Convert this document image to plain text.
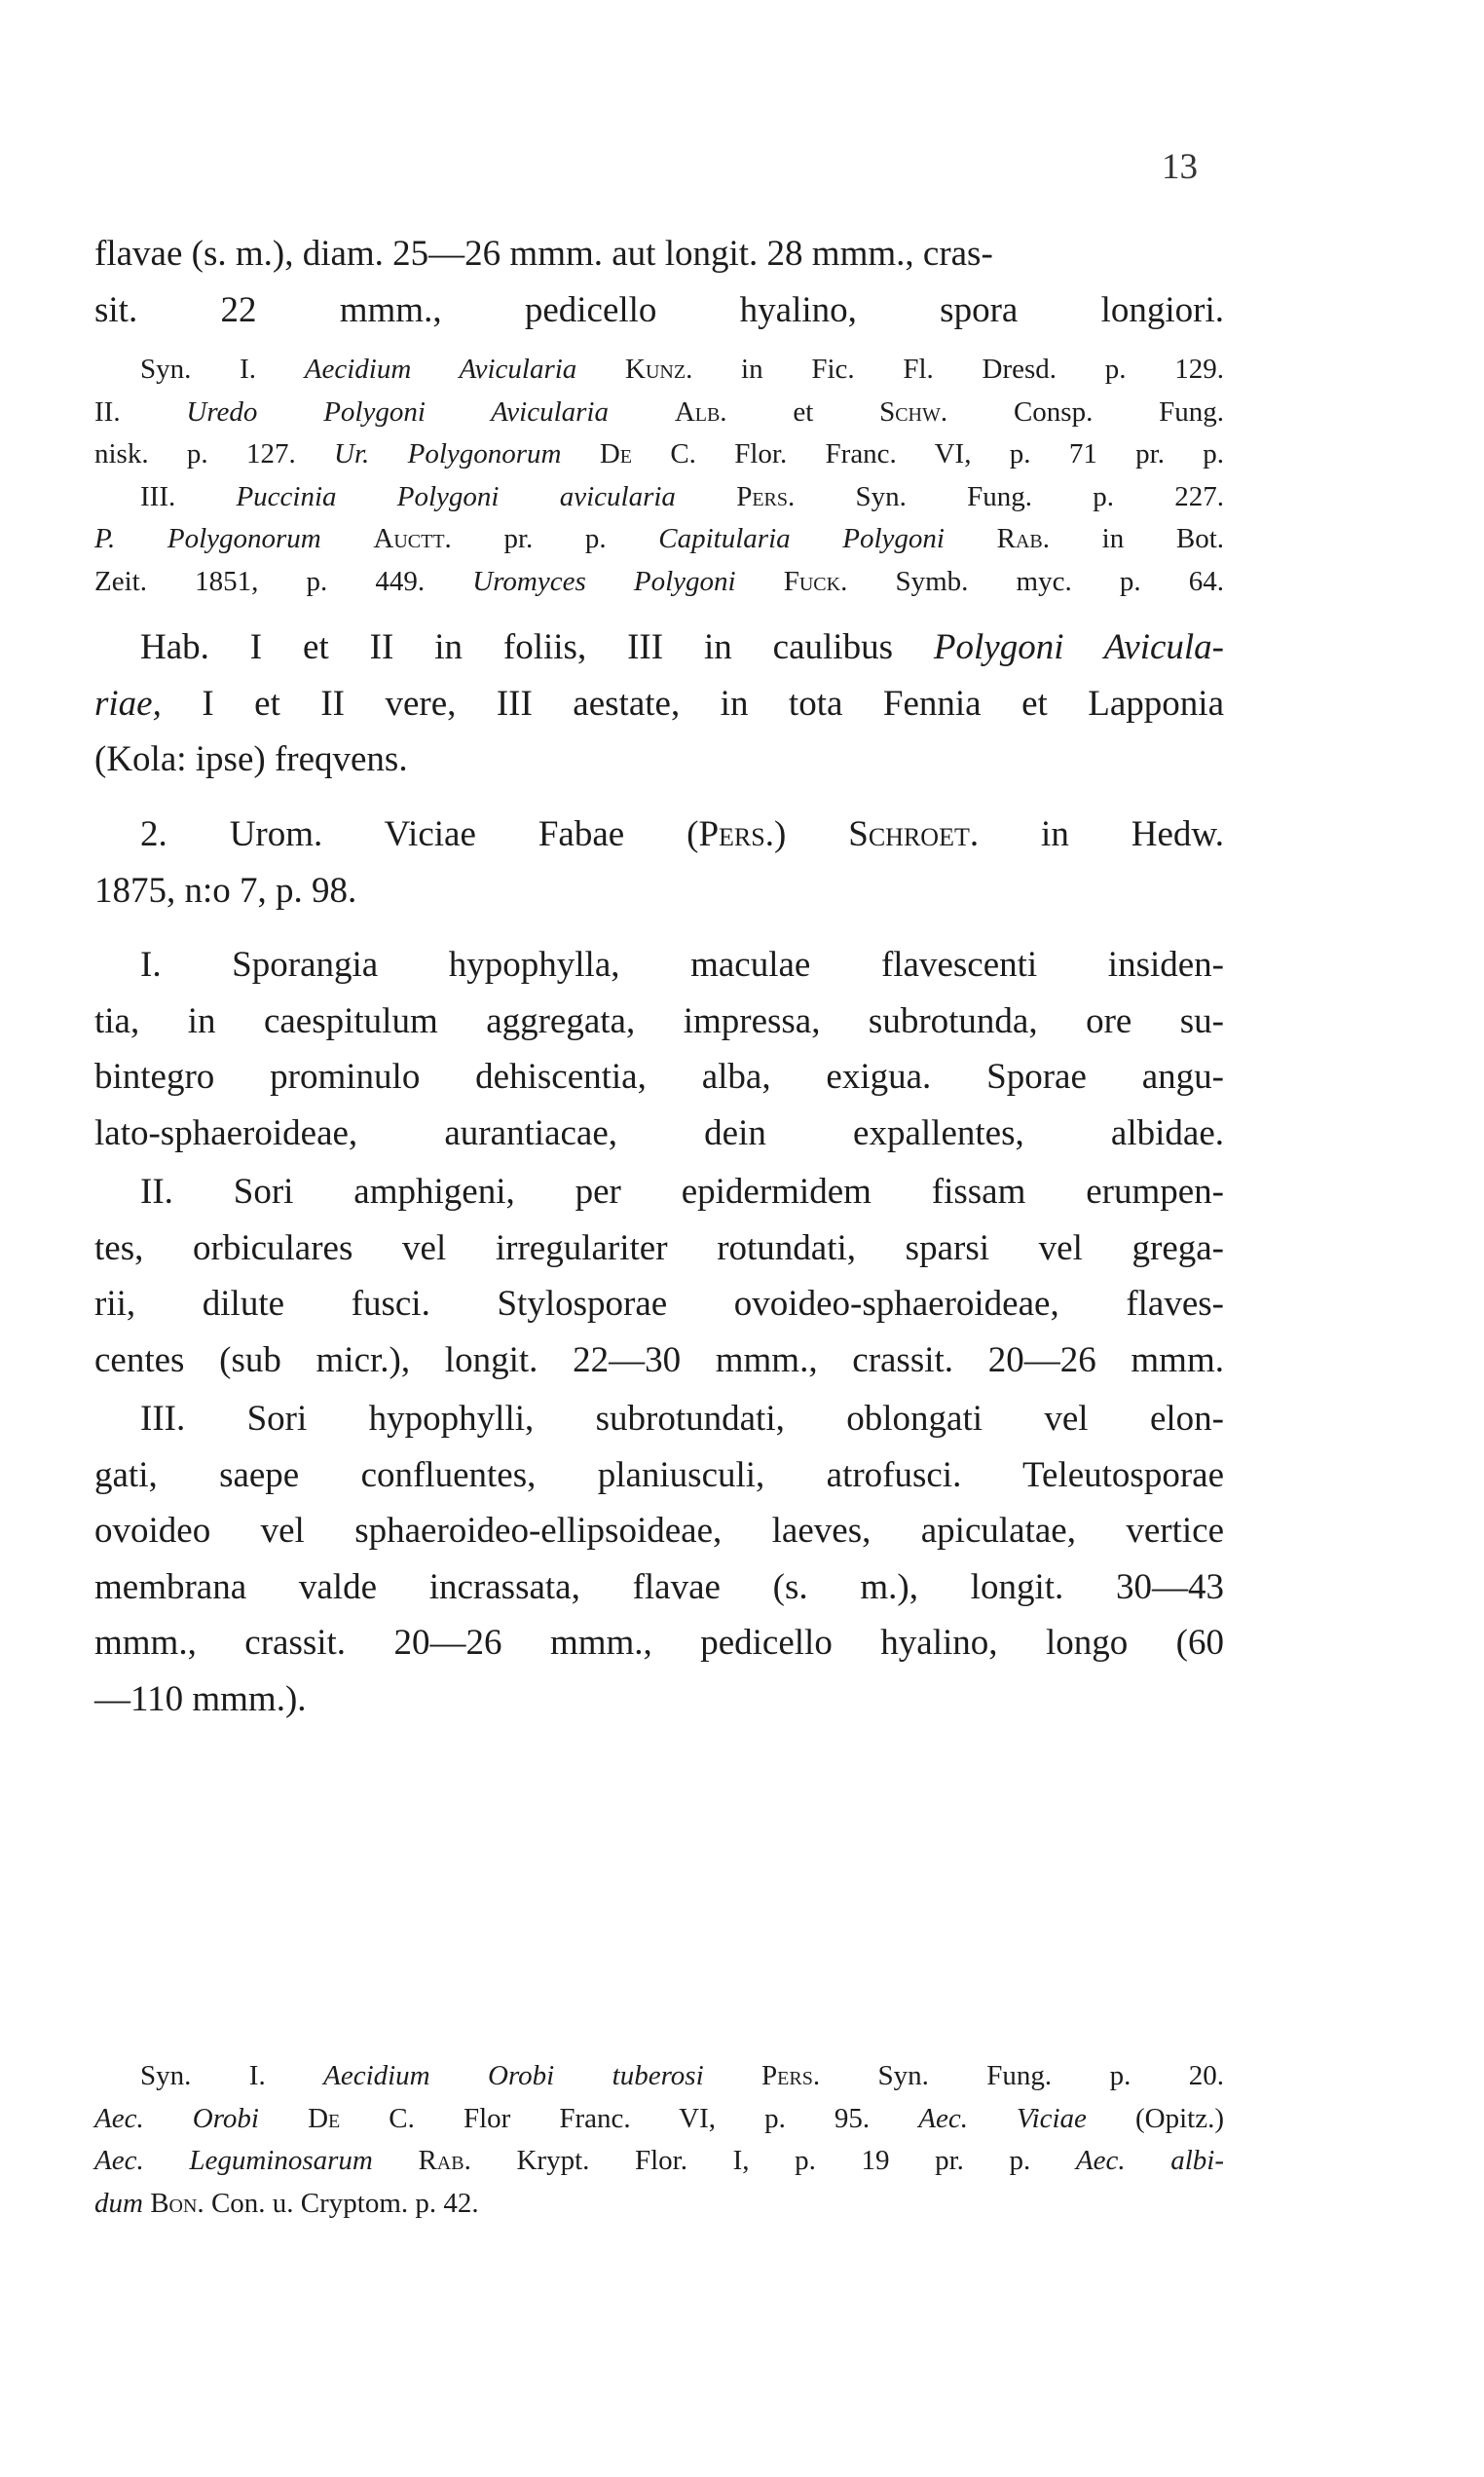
13
flavae (s. m.), diam. 25—26 mmm. aut longit. 28 mmm., cras-
sit. 22 mmm., pedicello hyalino, spora longiori.
Syn. I. Aecidium Avicularia Kunz. in Fic. Fl. Dresd. p. 129.
II. Uredo Polygoni Avicularia Alb. et Schw. Consp. Fung.
nisk. p. 127. Ur. Polygonorum De C. Flor. Franc. VI, p. 71 pr. p.
III. Puccinia Polygoni avicularia Pers. Syn. Fung. p. 227.
P. Polygonorum Auctt. pr. p. Capitularia Polygoni Rab. in Bot.
Zeit. 1851, p. 449. Uromyces Polygoni Fuck. Symb. myc. p. 64.
Hab. I et II in foliis, III in caulibus Polygoni Avicula-
riae, I et II vere, III aestate, in tota Fennia et Lapponia
(Kola: ipse) freqvens.
2. Urom. Viciae Fabae (Pers.) Schroet. in Hedw.
1875, n:o 7, p. 98.
I. Sporangia hypophylla, maculae flavescenti insiden-
tia, in caespitulum aggregata, impressa, subrotunda, ore su-
bintegro prominulo dehiscentia, alba, exigua. Sporae angu-
lato-sphaeroideae, aurantiacae, dein expallentes, albidae.
II. Sori amphigeni, per epidermidem fissam erumpen-
tes, orbiculares vel irregulariter rotundati, sparsi vel grega-
rii, dilute fusci. Stylosporae ovoideo-sphaeroideae, flaves-
centes (sub micr.), longit. 22—30 mmm., crassit. 20—26 mmm.
III. Sori hypophylli, subrotundati, oblongati vel elon-
gati, saepe confluentes, planiusculi, atrofusci. Teleutosporae
ovoideo vel sphaeroideo-ellipsoideae, laeves, apiculatae, vertice
membrana valde incrassata, flavae (s. m.), longit. 30—43
mmm., crassit. 20—26 mmm., pedicello hyalino, longo (60
—110 mmm.).
Syn. I. Aecidium Orobi tuberosi Pers. Syn. Fung. p. 20.
Aec. Orobi De C. Flor Franc. VI, p. 95. Aec. Viciae (Opitz.)
Aec. Leguminosarum Rab. Krypt. Flor. I, p. 19 pr. p. Aec. albi-
dum Bon. Con. u. Cryptom. p. 42.
